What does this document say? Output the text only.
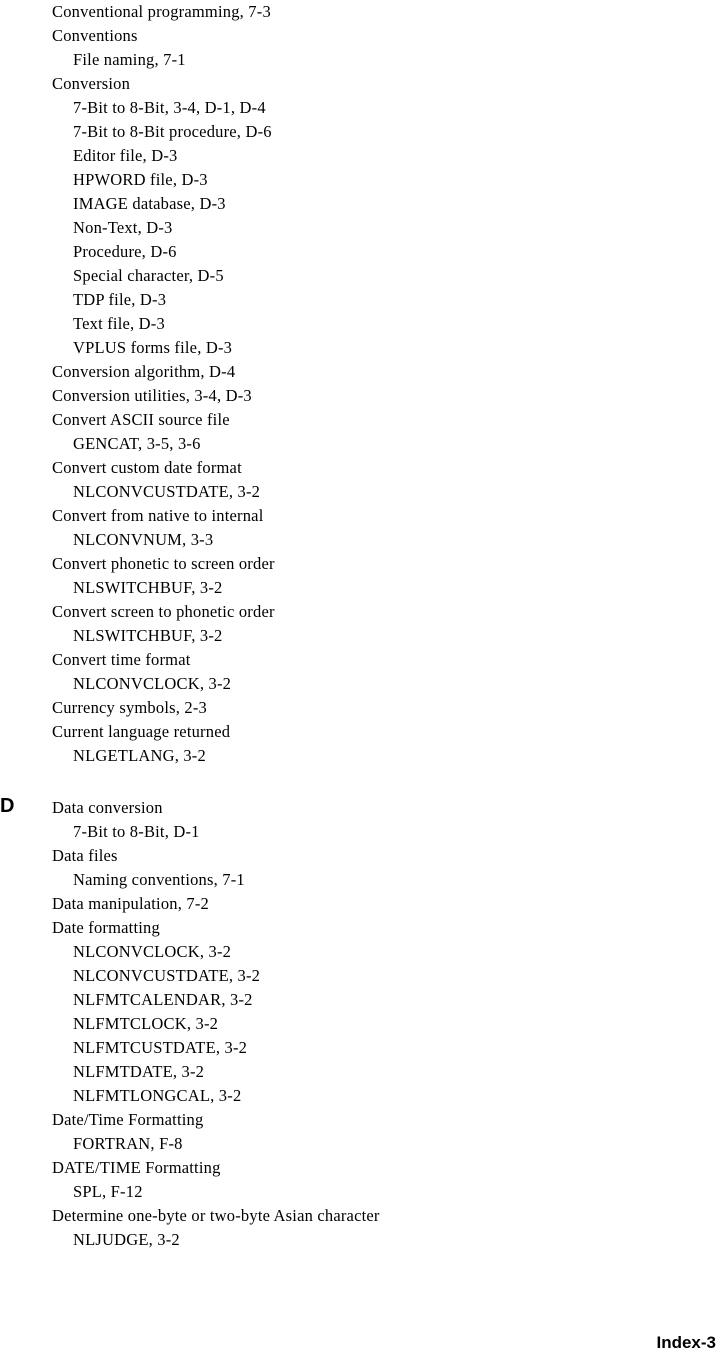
Conventional programming, 7-3
Conventions
File naming, 7-1
Conversion
7-Bit to 8-Bit, 3-4, D-1, D-4
7-Bit to 8-Bit procedure, D-6
Editor file, D-3
HPWORD file, D-3
IMAGE database, D-3
Non-Text, D-3
Procedure, D-6
Special character, D-5
TDP file, D-3
Text file, D-3
VPLUS forms file, D-3
Conversion algorithm, D-4
Conversion utilities, 3-4, D-3
Convert ASCII source file
GENCAT, 3-5, 3-6
Convert custom date format
NLCONVCUSTDATE, 3-2
Convert from native to internal
NLCONVNUM, 3-3
Convert phonetic to screen order
NLSWITCHBUF, 3-2
Convert screen to phonetic order
NLSWITCHBUF, 3-2
Convert time format
NLCONVCLOCK, 3-2
Currency symbols, 2-3
Current language returned
NLGETLANG, 3-2
D	Data conversion
7-Bit to 8-Bit, D-1
Data files
Naming conventions, 7-1
Data manipulation, 7-2
Date formatting
NLCONVCLOCK, 3-2
NLCONVCUSTDATE, 3-2
NLFMTCALENDAR, 3-2
NLFMTCLOCK, 3-2
NLFMTCUSTDATE, 3-2
NLFMTDATE, 3-2
NLFMTLONGCAL, 3-2
Date/Time Formatting
FORTRAN, F-8
DATE/TIME Formatting
SPL, F-12
Determine one-byte or two-byte Asian character
NLJUDGE, 3-2
Index-3
